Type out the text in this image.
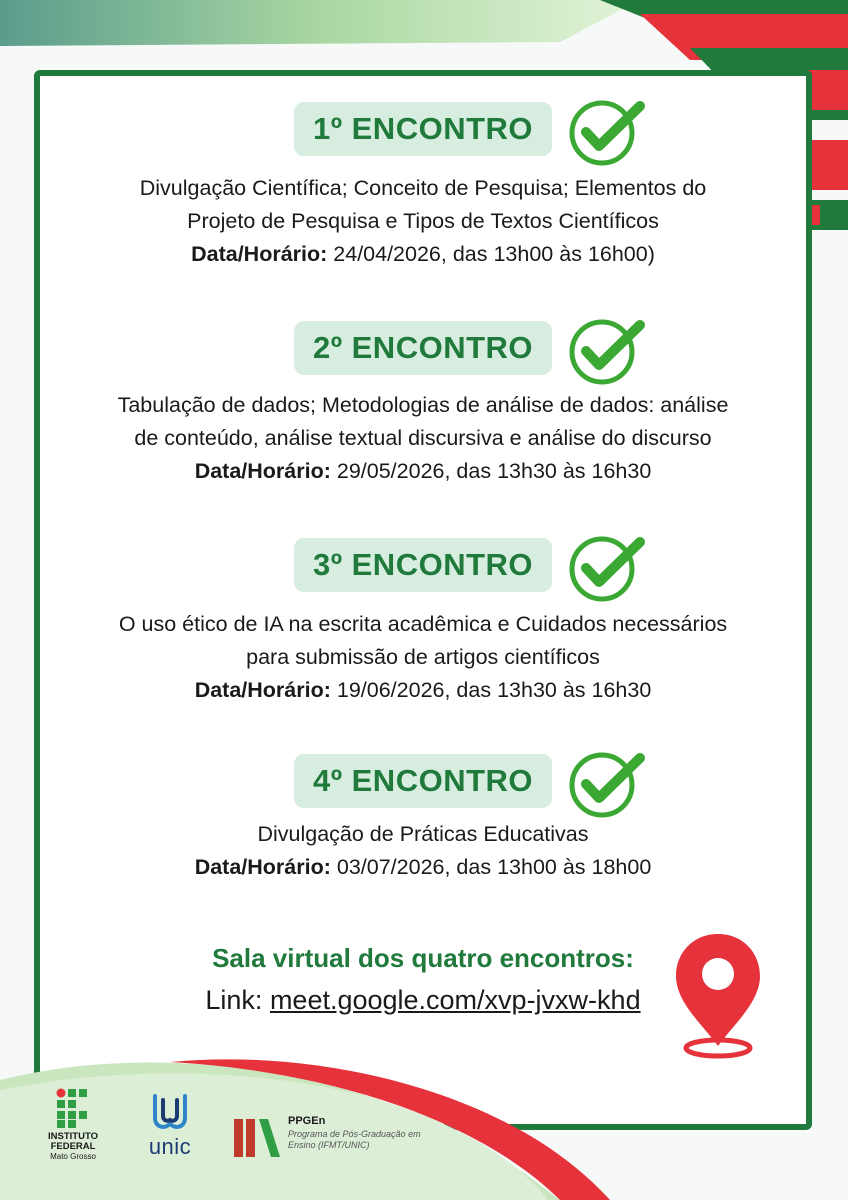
1º ENCONTRO
Divulgação Científica; Conceito de Pesquisa; Elementos do
Projeto de Pesquisa e Tipos de Textos Científicos
Data/Horário: 24/04/2026, das 13h00 às 16h00)
2º ENCONTRO
Tabulação de dados; Metodologias de análise de dados: análise
de conteúdo, análise textual discursiva e análise do discurso
Data/Horário: 29/05/2026, das 13h30 às 16h30
3º ENCONTRO
O uso ético de IA na escrita acadêmica e Cuidados necessários
para submissão de artigos científicos
Data/Horário: 19/06/2026, das 13h30 às 16h30
4º ENCONTRO
Divulgação de Práticas Educativas
Data/Horário: 03/07/2026, das 13h00 às 18h00
Sala virtual dos quatro encontros:
Link: meet.google.com/xvp-jvxw-khd
INSTITUTO
FEDERAL
Mato Grosso	unic
PPGEn
Programa de Pós-Graduação em Ensino (IFMT/UNIC)
